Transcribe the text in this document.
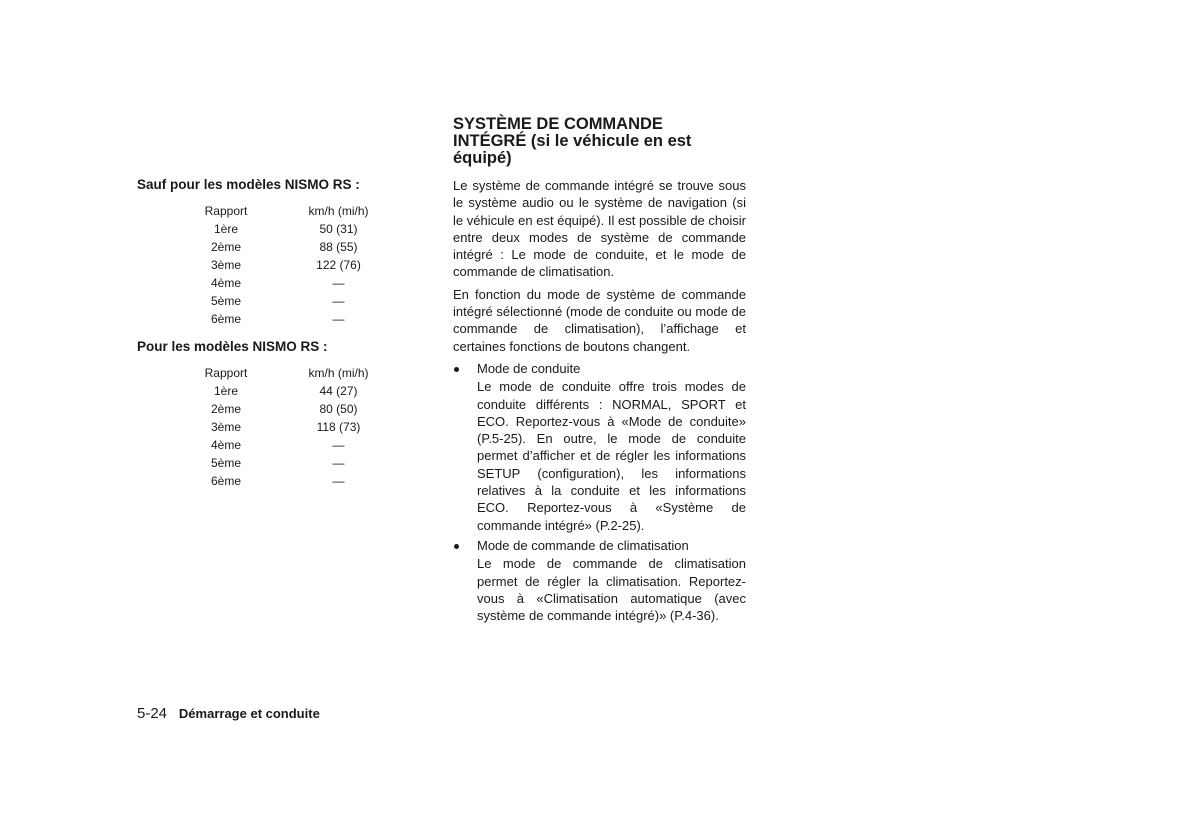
Sauf pour les modèles NISMO RS :

Rapport	km/h (mi/h)
1ère	50 (31)
2ème	88 (55)
3ème	122 (76)
4ème	—
5ème	—
6ème	—

Pour les modèles NISMO RS :

Rapport	km/h (mi/h)
1ère	44 (27)
2ème	80 (50)
3ème	118 (73)
4ème	—
5ème	—
6ème	—
SYSTÈME DE COMMANDE
INTÉGRÉ (si le véhicule en est
équipé)

Le système de commande intégré se trouve sous le système audio ou le système de navigation (si le véhicule en est équipé). Il est possible de choisir entre deux modes de système de commande intégré : Le mode de conduite, et le mode de commande de climatisation.

En fonction du mode de système de commande intégré sélectionné (mode de conduite ou mode de commande de climatisation), l’affichage et certaines fonctions de boutons changent.

Mode de conduite

Le mode de conduite offre trois modes de conduite différents : NORMAL, SPORT et ECO. Reportez-vous à «Mode de conduite» (P.5-25). En outre, le mode de conduite permet d’afficher et de régler les informations SETUP (configuration), les informations relatives à la conduite et les informations ECO. Reportez-vous à «Système de commande intégré» (P.2-25).

Mode de commande de climatisation

Le mode de commande de climatisation permet de régler la climatisation. Reportez-vous à «Climatisation automatique (avec système de commande intégré)» (P.4-36).

5-24 Démarrage et conduite
